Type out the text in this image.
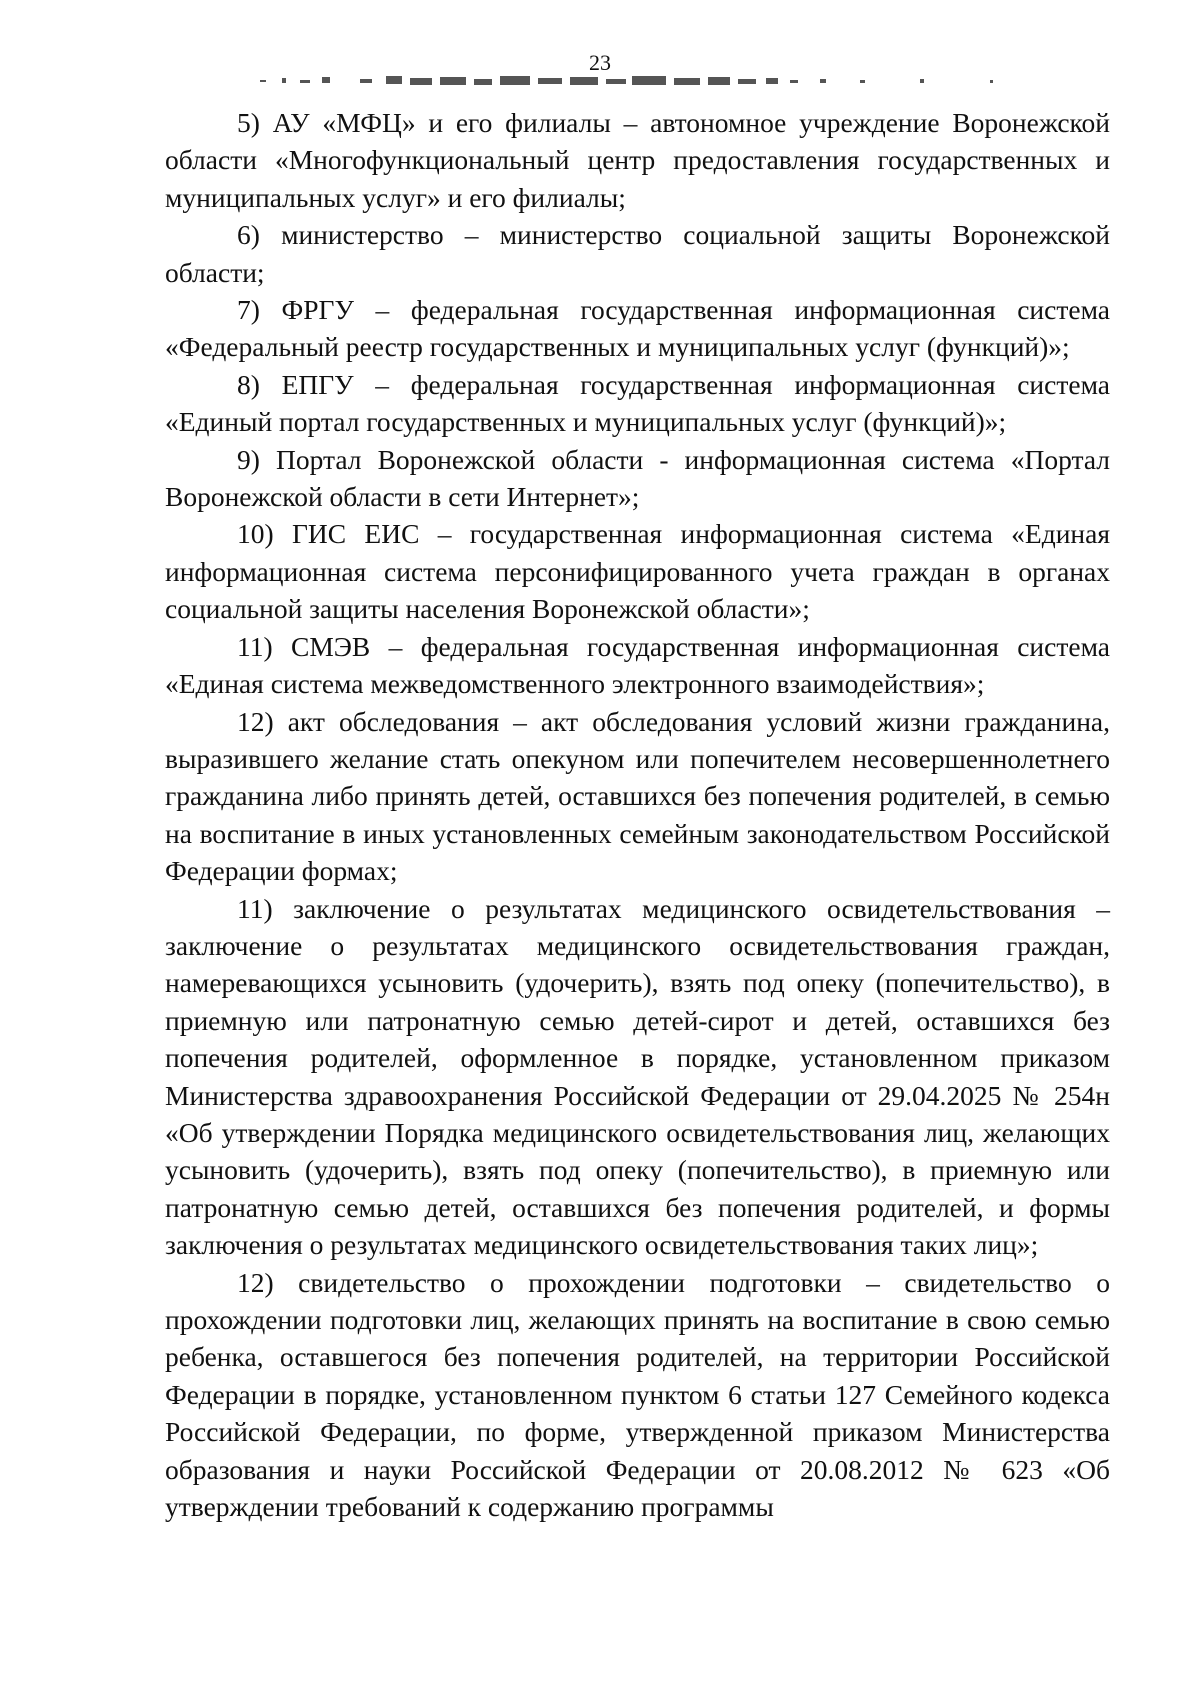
23

5) АУ «МФЦ» и его филиалы – автономное учреждение Воронежской области «Многофункциональный центр предоставления государственных и муниципальных услуг» и его филиалы;

6) министерство – министерство социальной защиты Воронежской области;

7) ФРГУ – федеральная государственная информационная система «Федеральный реестр государственных и муниципальных услуг (функций)»;

8) ЕПГУ – федеральная государственная информационная система «Единый портал государственных и муниципальных услуг (функций)»;

9) Портал Воронежской области - информационная система «Портал Воронежской области в сети Интернет»;

10) ГИС ЕИС – государственная информационная система «Единая информационная система персонифицированного учета граждан в органах социальной защиты населения Воронежской области»;

11) СМЭВ – федеральная государственная информационная система «Единая система межведомственного электронного взаимодействия»;

12) акт обследования – акт обследования условий жизни гражданина, выразившего желание стать опекуном или попечителем несовершеннолетнего гражданина либо принять детей, оставшихся без попечения родителей, в семью на воспитание в иных установленных семейным законодательством Российской Федерации формах;

11) заключение о результатах медицинского освидетельствования – заключение о результатах медицинского освидетельствования граждан, намеревающихся усыновить (удочерить), взять под опеку (попечительство), в приемную или патронатную семью детей-сирот и детей, оставшихся без попечения родителей, оформленное в порядке, установленном приказом Министерства здравоохранения Российской Федерации от 29.04.2025 № 254н «Об утверждении Порядка медицинского освидетельствования лиц, желающих усыновить (удочерить), взять под опеку (попечительство), в приемную или патронатную семью детей, оставшихся без попечения родителей, и формы заключения о результатах медицинского освидетельствования таких лиц»;

12) свидетельство о прохождении подготовки – свидетельство о прохождении подготовки лиц, желающих принять на воспитание в свою семью ребенка, оставшегося без попечения родителей, на территории Российской Федерации в порядке, установленном пунктом 6 статьи 127 Семейного кодекса Российской Федерации, по форме, утвержденной приказом Министерства образования и науки Российской Федерации от 20.08.2012 № 623 «Об утверждении требований к содержанию программы
